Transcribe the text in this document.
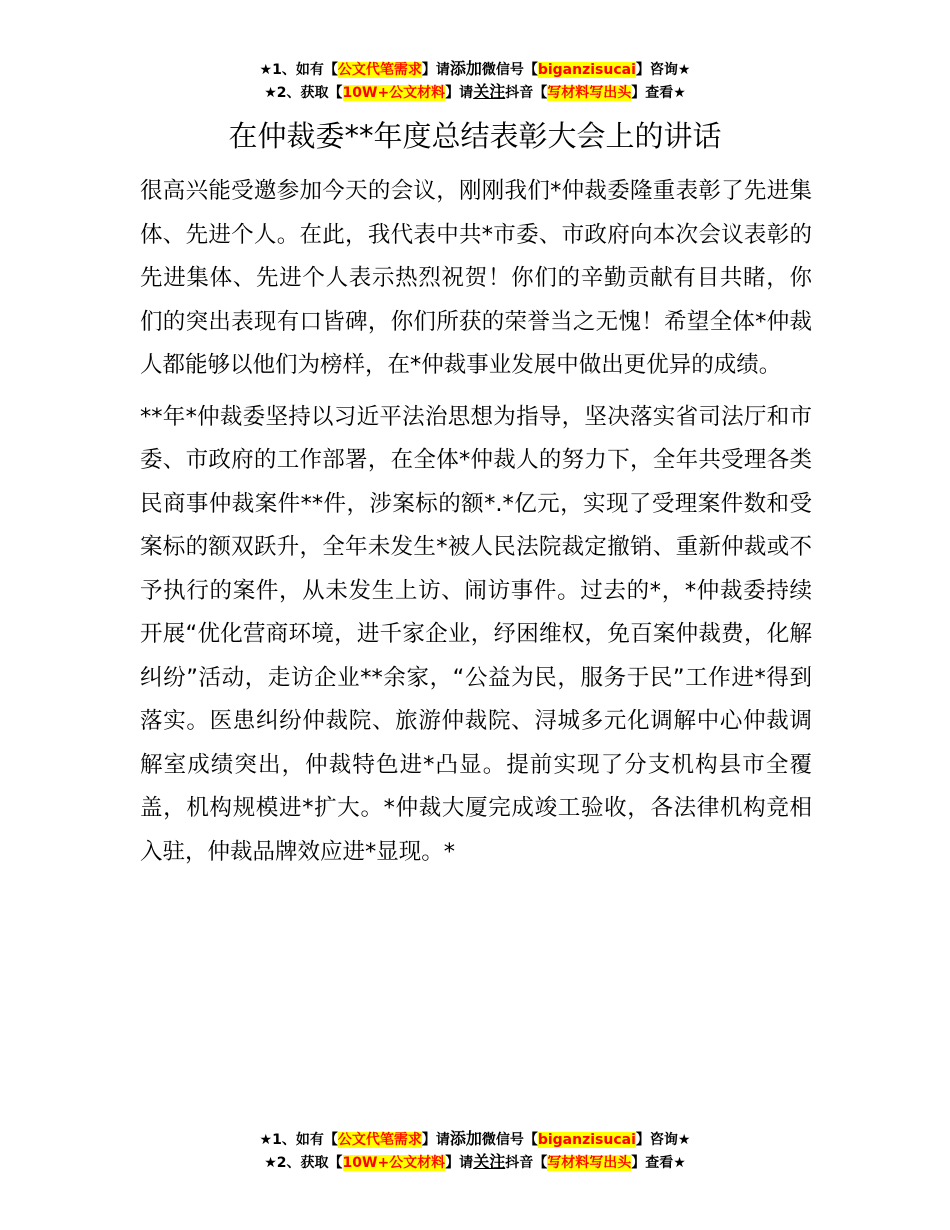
★1、如有【公文代笔需求】请添加微信号【biganzisucai】咨询★
★2、获取【10W+公文材料】请关注抖音【写材料写出头】查看★
在仲裁委**年度总结表彰大会上的讲话

很高兴能受邀参加今天的会议，刚刚我们*仲裁委隆重表彰了先进集体、先进个人。在此，我代表中共*市委、市政府向本次会议表彰的先进集体、先进个人表示热烈祝贺！你们的辛勤贡献有目共睹，你们的突出表现有口皆碑，你们所获的荣誉当之无愧！希望全体*仲裁人都能够以他们为榜样，在*仲裁事业发展中做出更优异的成绩。

**年*仲裁委坚持以习近平法治思想为指导，坚决落实省司法厅和市委、市政府的工作部署，在全体*仲裁人的努力下，全年共受理各类民商事仲裁案件**件，涉案标的额*.*亿元，实现了受理案件数和受案标的额双跃升，全年未发生*被人民法院裁定撤销、重新仲裁或不予执行的案件，从未发生上访、闹访事件。过去的*，*仲裁委持续开展“优化营商环境，进千家企业，纾困维权，免百案仲裁费，化解纠纷”活动，走访企业**余家，“公益为民，服务于民”工作进*得到落实。医患纠纷仲裁院、旅游仲裁院、浔城多元化调解中心仲裁调解室成绩突出，仲裁特色进*凸显。提前实现了分支机构县市全覆盖，机构规模进*扩大。*仲裁大厦完成竣工验收，各法律机构竞相入驻，仲裁品牌效应进*显现。*

★1、如有【公文代笔需求】请添加微信号【biganzisucai】咨询★
★2、获取【10W+公文材料】请关注抖音【写材料写出头】查看★
